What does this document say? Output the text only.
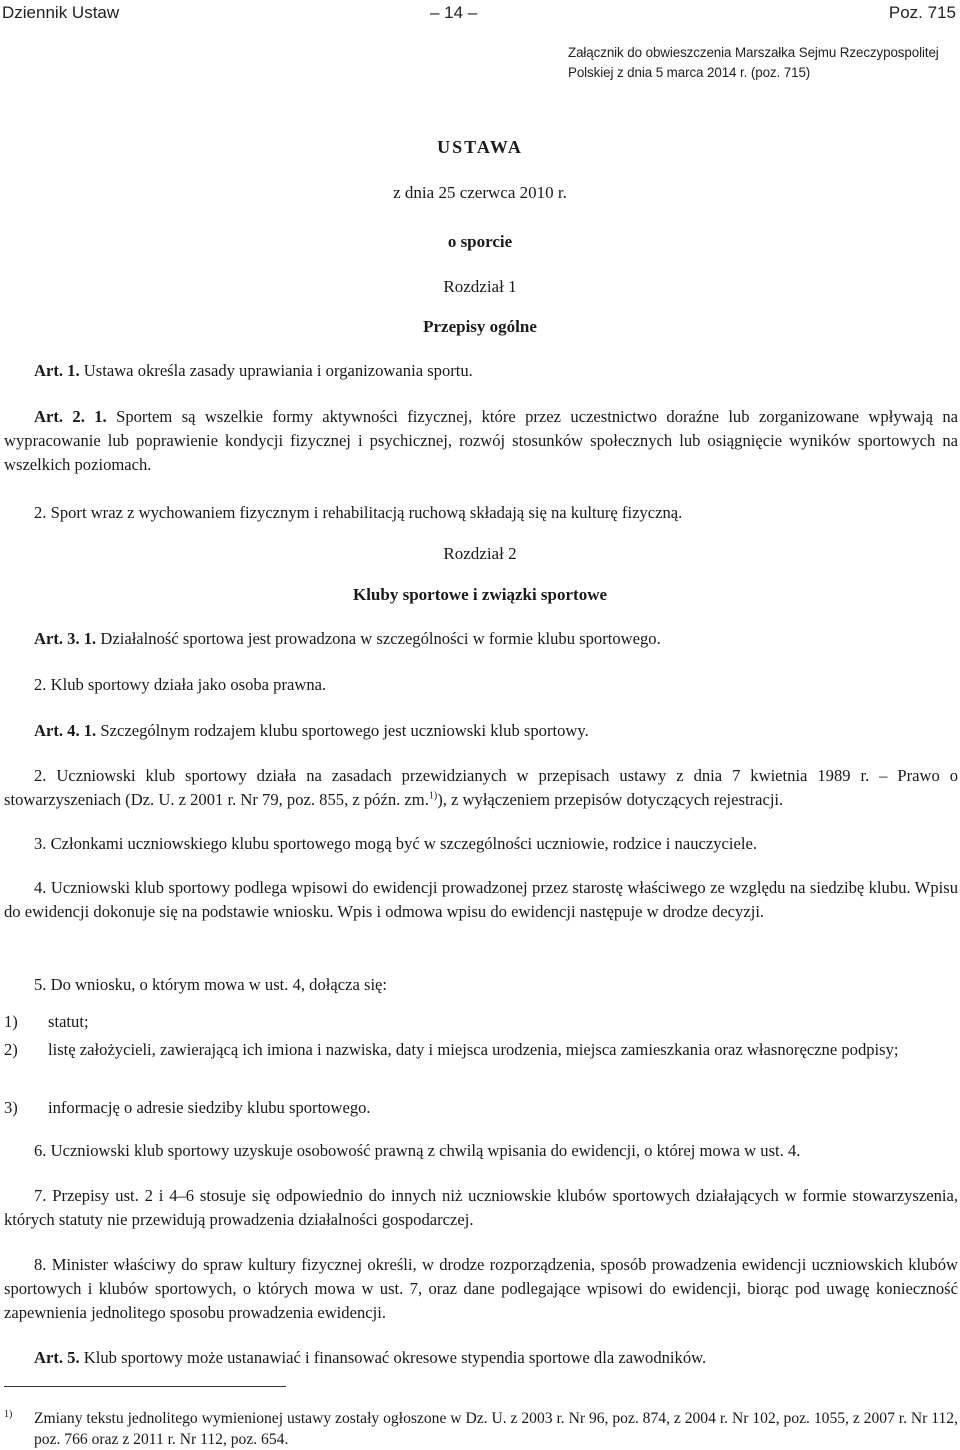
Dziennik Ustaw	– 14 –	Poz. 715
Załącznik do obwieszczenia Marszałka Sejmu Rzeczypospolitej Polskiej z dnia 5 marca 2014 r. (poz. 715)
USTAWA
z dnia 25 czerwca 2010 r.
o sporcie
Rozdział 1
Przepisy ogólne
Art. 1. Ustawa określa zasady uprawiania i organizowania sportu.
Art. 2. 1. Sportem są wszelkie formy aktywności fizycznej, które przez uczestnictwo doraźne lub zorganizowane wpływają na wypracowanie lub poprawienie kondycji fizycznej i psychicznej, rozwój stosunków społecznych lub osiągnięcie wyników sportowych na wszelkich poziomach.
2. Sport wraz z wychowaniem fizycznym i rehabilitacją ruchową składają się na kulturę fizyczną.
Rozdział 2
Kluby sportowe i związki sportowe
Art. 3. 1. Działalność sportowa jest prowadzona w szczególności w formie klubu sportowego.
2. Klub sportowy działa jako osoba prawna.
Art. 4. 1. Szczególnym rodzajem klubu sportowego jest uczniowski klub sportowy.
2. Uczniowski klub sportowy działa na zasadach przewidzianych w przepisach ustawy z dnia 7 kwietnia 1989 r. – Prawo o stowarzyszeniach (Dz. U. z 2001 r. Nr 79, poz. 855, z późn. zm.$^{1)}$), z wyłączeniem przepisów dotyczących rejestracji.
3. Członkami uczniowskiego klubu sportowego mogą być w szczególności uczniowie, rodzice i nauczyciele.
4. Uczniowski klub sportowy podlega wpisowi do ewidencji prowadzonej przez starostę właściwego ze względu na siedzibę klubu. Wpisu do ewidencji dokonuje się na podstawie wniosku. Wpis i odmowa wpisu do ewidencji następuje w drodze decyzji.
5. Do wniosku, o którym mowa w ust. 4, dołącza się:
1) statut;
2) listę założycieli, zawierającą ich imiona i nazwiska, daty i miejsca urodzenia, miejsca zamieszkania oraz własnoręczne podpisy;
3) informację o adresie siedziby klubu sportowego.
6. Uczniowski klub sportowy uzyskuje osobowość prawną z chwilą wpisania do ewidencji, o której mowa w ust. 4.
7. Przepisy ust. 2 i 4–6 stosuje się odpowiednio do innych niż uczniowskie klubów sportowych działających w formie stowarzyszenia, których statuty nie przewidują prowadzenia działalności gospodarczej.
8. Minister właściwy do spraw kultury fizycznej określi, w drodze rozporządzenia, sposób prowadzenia ewidencji uczniowskich klubów sportowych i klubów sportowych, o których mowa w ust. 7, oraz dane podlegające wpisowi do ewidencji, biorąc pod uwagę konieczność zapewnienia jednolitego sposobu prowadzenia ewidencji.
Art. 5. Klub sportowy może ustanawiać i finansować okresowe stypendia sportowe dla zawodników.
1) Zmiany tekstu jednolitego wymienionej ustawy zostały ogłoszone w Dz. U. z 2003 r. Nr 96, poz. 874, z 2004 r. Nr 102, poz. 1055, z 2007 r. Nr 112, poz. 766 oraz z 2011 r. Nr 112, poz. 654.
